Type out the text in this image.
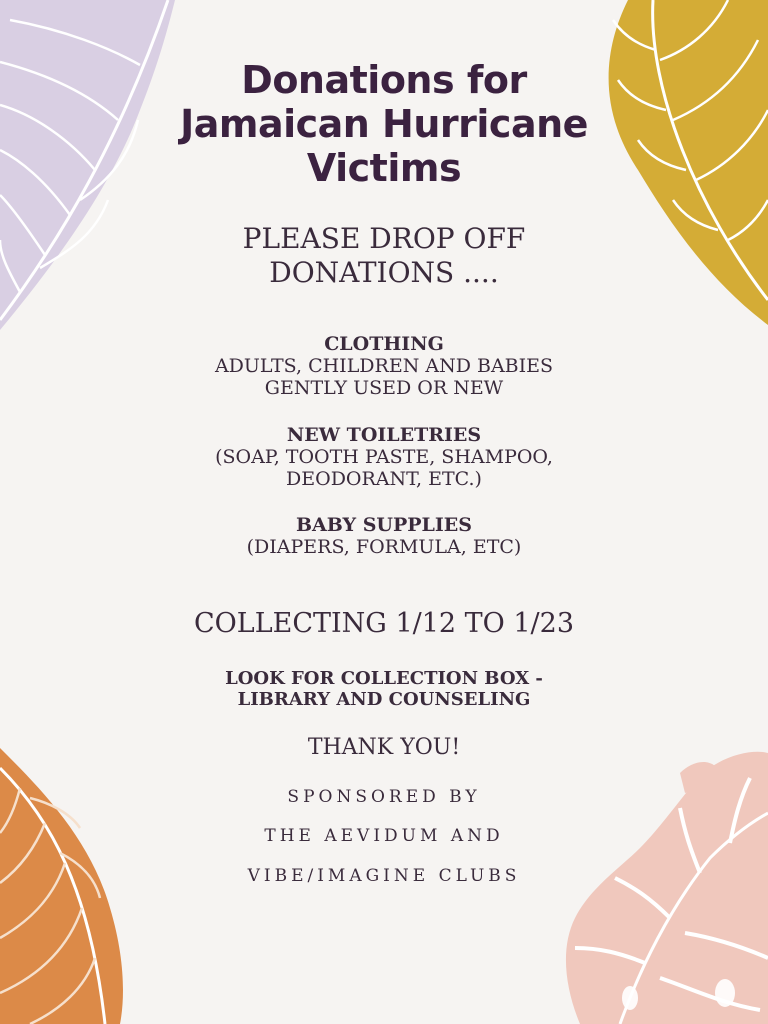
Donations for
Jamaican Hurricane
Victims
PLEASE DROP OFF
DONATIONS ....
CLOTHING
ADULTS, CHILDREN AND BABIES
GENTLY USED OR NEW
NEW TOILETRIES
(SOAP, TOOTH PASTE, SHAMPOO,
DEODORANT, ETC.)
BABY SUPPLIES
(DIAPERS, FORMULA, ETC)
COLLECTING 1/12 TO 1/23
LOOK FOR COLLECTION BOX -
LIBRARY AND COUNSELING
THANK YOU!
SPONSORED BY
THE AEVIDUM AND
VIBE/IMAGINE CLUBS
